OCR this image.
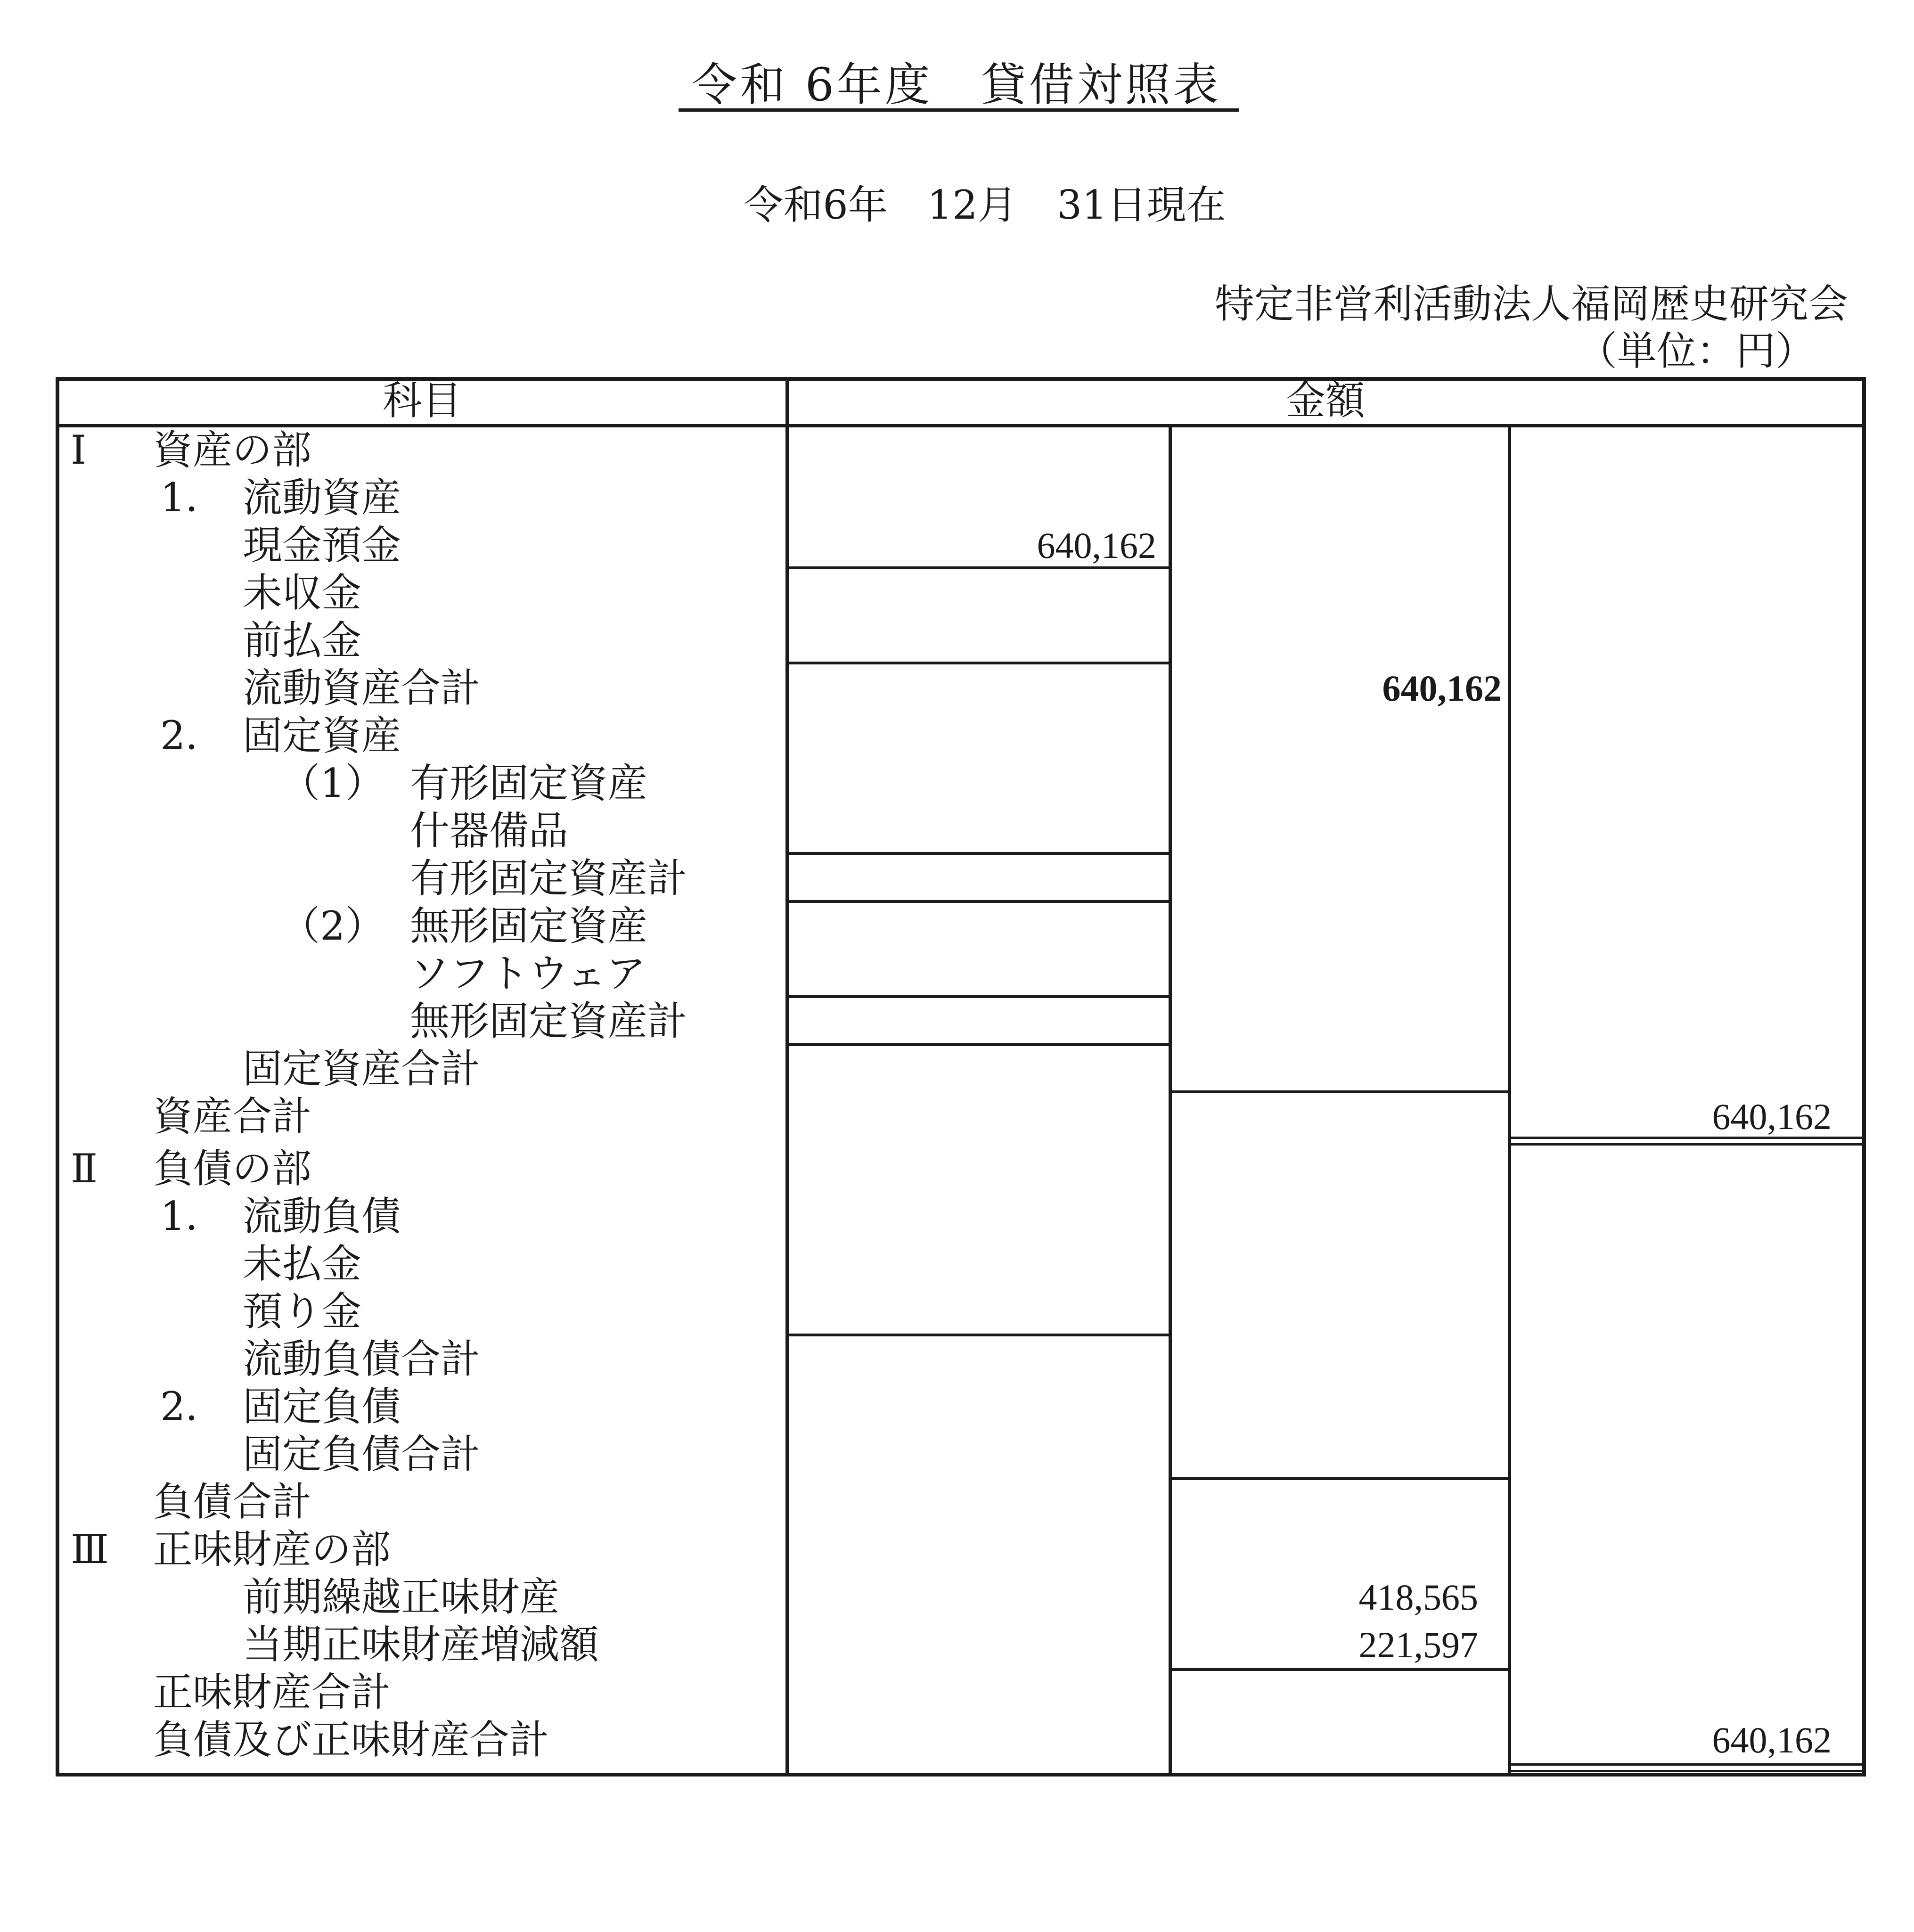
令和 6年度　貸借対照表
令和6年　12月　31日現在
特定非営利活動法人福岡歴史研究会
（単位：円）
科目	金額
Ⅰ 資産の部
1． 流動資産
現金預金
未収金
前払金
流動資産合計
2． 固定資産
（1） 有形固定資産
什器備品
有形固定資産計
（2） 無形固定資産
ソフトウェア
無形固定資産計
固定資産合計
資産合計
Ⅱ 負債の部
1． 流動負債
未払金
預り金
流動負債合計
2． 固定負債
固定負債合計
負債合計
Ⅲ 正味財産の部
前期繰越正味財産
当期正味財産増減額
正味財産合計
負債及び正味財産合計
640,162
640,162
640,162
418,565
221,597
640,162
